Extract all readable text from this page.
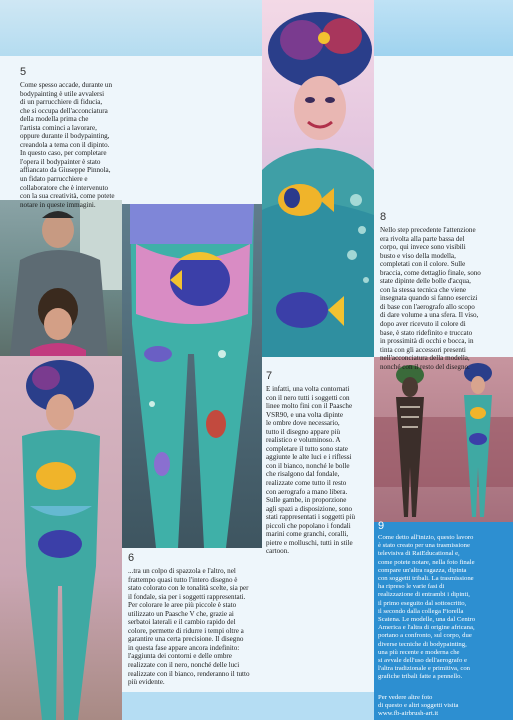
5
Come spesso accade, durante un
bodypainting è utile avvalersi
di un parrucchiere di fiducia,
che si occupa dell'acconciatura
della modella prima che
l'artista cominci a lavorare,
oppure durante il bodypainting,
creandola a tema con il dipinto.
In questo caso, per completare
l'opera il bodypainter è stato
affiancato da Giuseppe Pinnola,
un fidato parrucchiere e
collaboratore che è intervenuto
con la sua creatività, come potete
notare in queste immagini.
8
Nello step precedente l'attenzione
era rivolta alla parte bassa del
corpo, qui invece sono visibili
busto e viso della modella,
completati con il colore. Sulle
braccia, come dettaglio finale, sono
state dipinte delle bolle d'acqua,
con la stessa tecnica che viene
insegnata quando si fanno esercizi
di base con l'aerografo allo scopo
di dare volume a una sfera. Il viso,
dopo aver ricevuto il colore di
base, è stato ridefinito e truccato
in prossimità di occhi e bocca, in
tinta con gli accessori presenti
nell'acconciatura della modella,
nonché con il resto del disegno.
7
E infatti, una volta contornati
con il nero tutti i soggetti con
linee molto fini con il Paasche
VSR90, e una volta dipinte
le ombre dove necessario,
tutto il disegno appare più
realistico e voluminoso. A
completare il tutto sono state
aggiunte le alte luci e i riflessi
con il bianco, nonché le bolle
che risalgono dal fondale,
realizzate come tutto il resto
con aerografo a mano libera.
Sulle gambe, in proporzione
agli spazi a disposizione, sono
stati rappresentati i soggetti più
piccoli che popolano i fondali
marini come granchi, coralli,
pietre e molluschi, tutti in stile
cartoon.
6
...tra un colpo di spazzola e l'altro, nel
frattempo quasi tutto l'intero disegno è
stato colorato con le tonalità scelte, sia per
il fondale, sia per i soggetti rappresentati.
Per colorare le aree più piccole è stato
utilizzato un Paasche V che, grazie ai
serbatoi laterali e il cambio rapido del
colore, permette di ridurre i tempi oltre a
garantire una certa precisione. Il disegno
in questa fase appare ancora indefinito:
l'aggiunta dei contorni e delle ombre
realizzate con il nero, nonché delle luci
realizzate con il bianco, renderanno il tutto
più evidente.
9
Come detto all'inizio, questo lavoro
è stato creato per una trasmissione
televisiva di RaiEducational e,
come potete notare, nella foto finale
compare un'altra ragazza, dipinta
con soggetti tribali. La trasmissione
ha ripreso le varie fasi di
realizzazione di entrambi i dipinti,
il primo eseguito dal sottoscritto,
il secondo dalla collega Fiorella
Scatena. Le modelle, una dal Centro
America e l'altra di origine africana,
portano a confronto, sul corpo, due
diverse tecniche di bodypainting,
una più recente e moderna che
si avvale dell'uso dell'aerografo e
l'altra tradizionale e primitiva, con
grafiche tribali fatte a pennello.
Per vedere altre foto
di questo e altri soggetti visita
www.fb-airbrush-art.it
